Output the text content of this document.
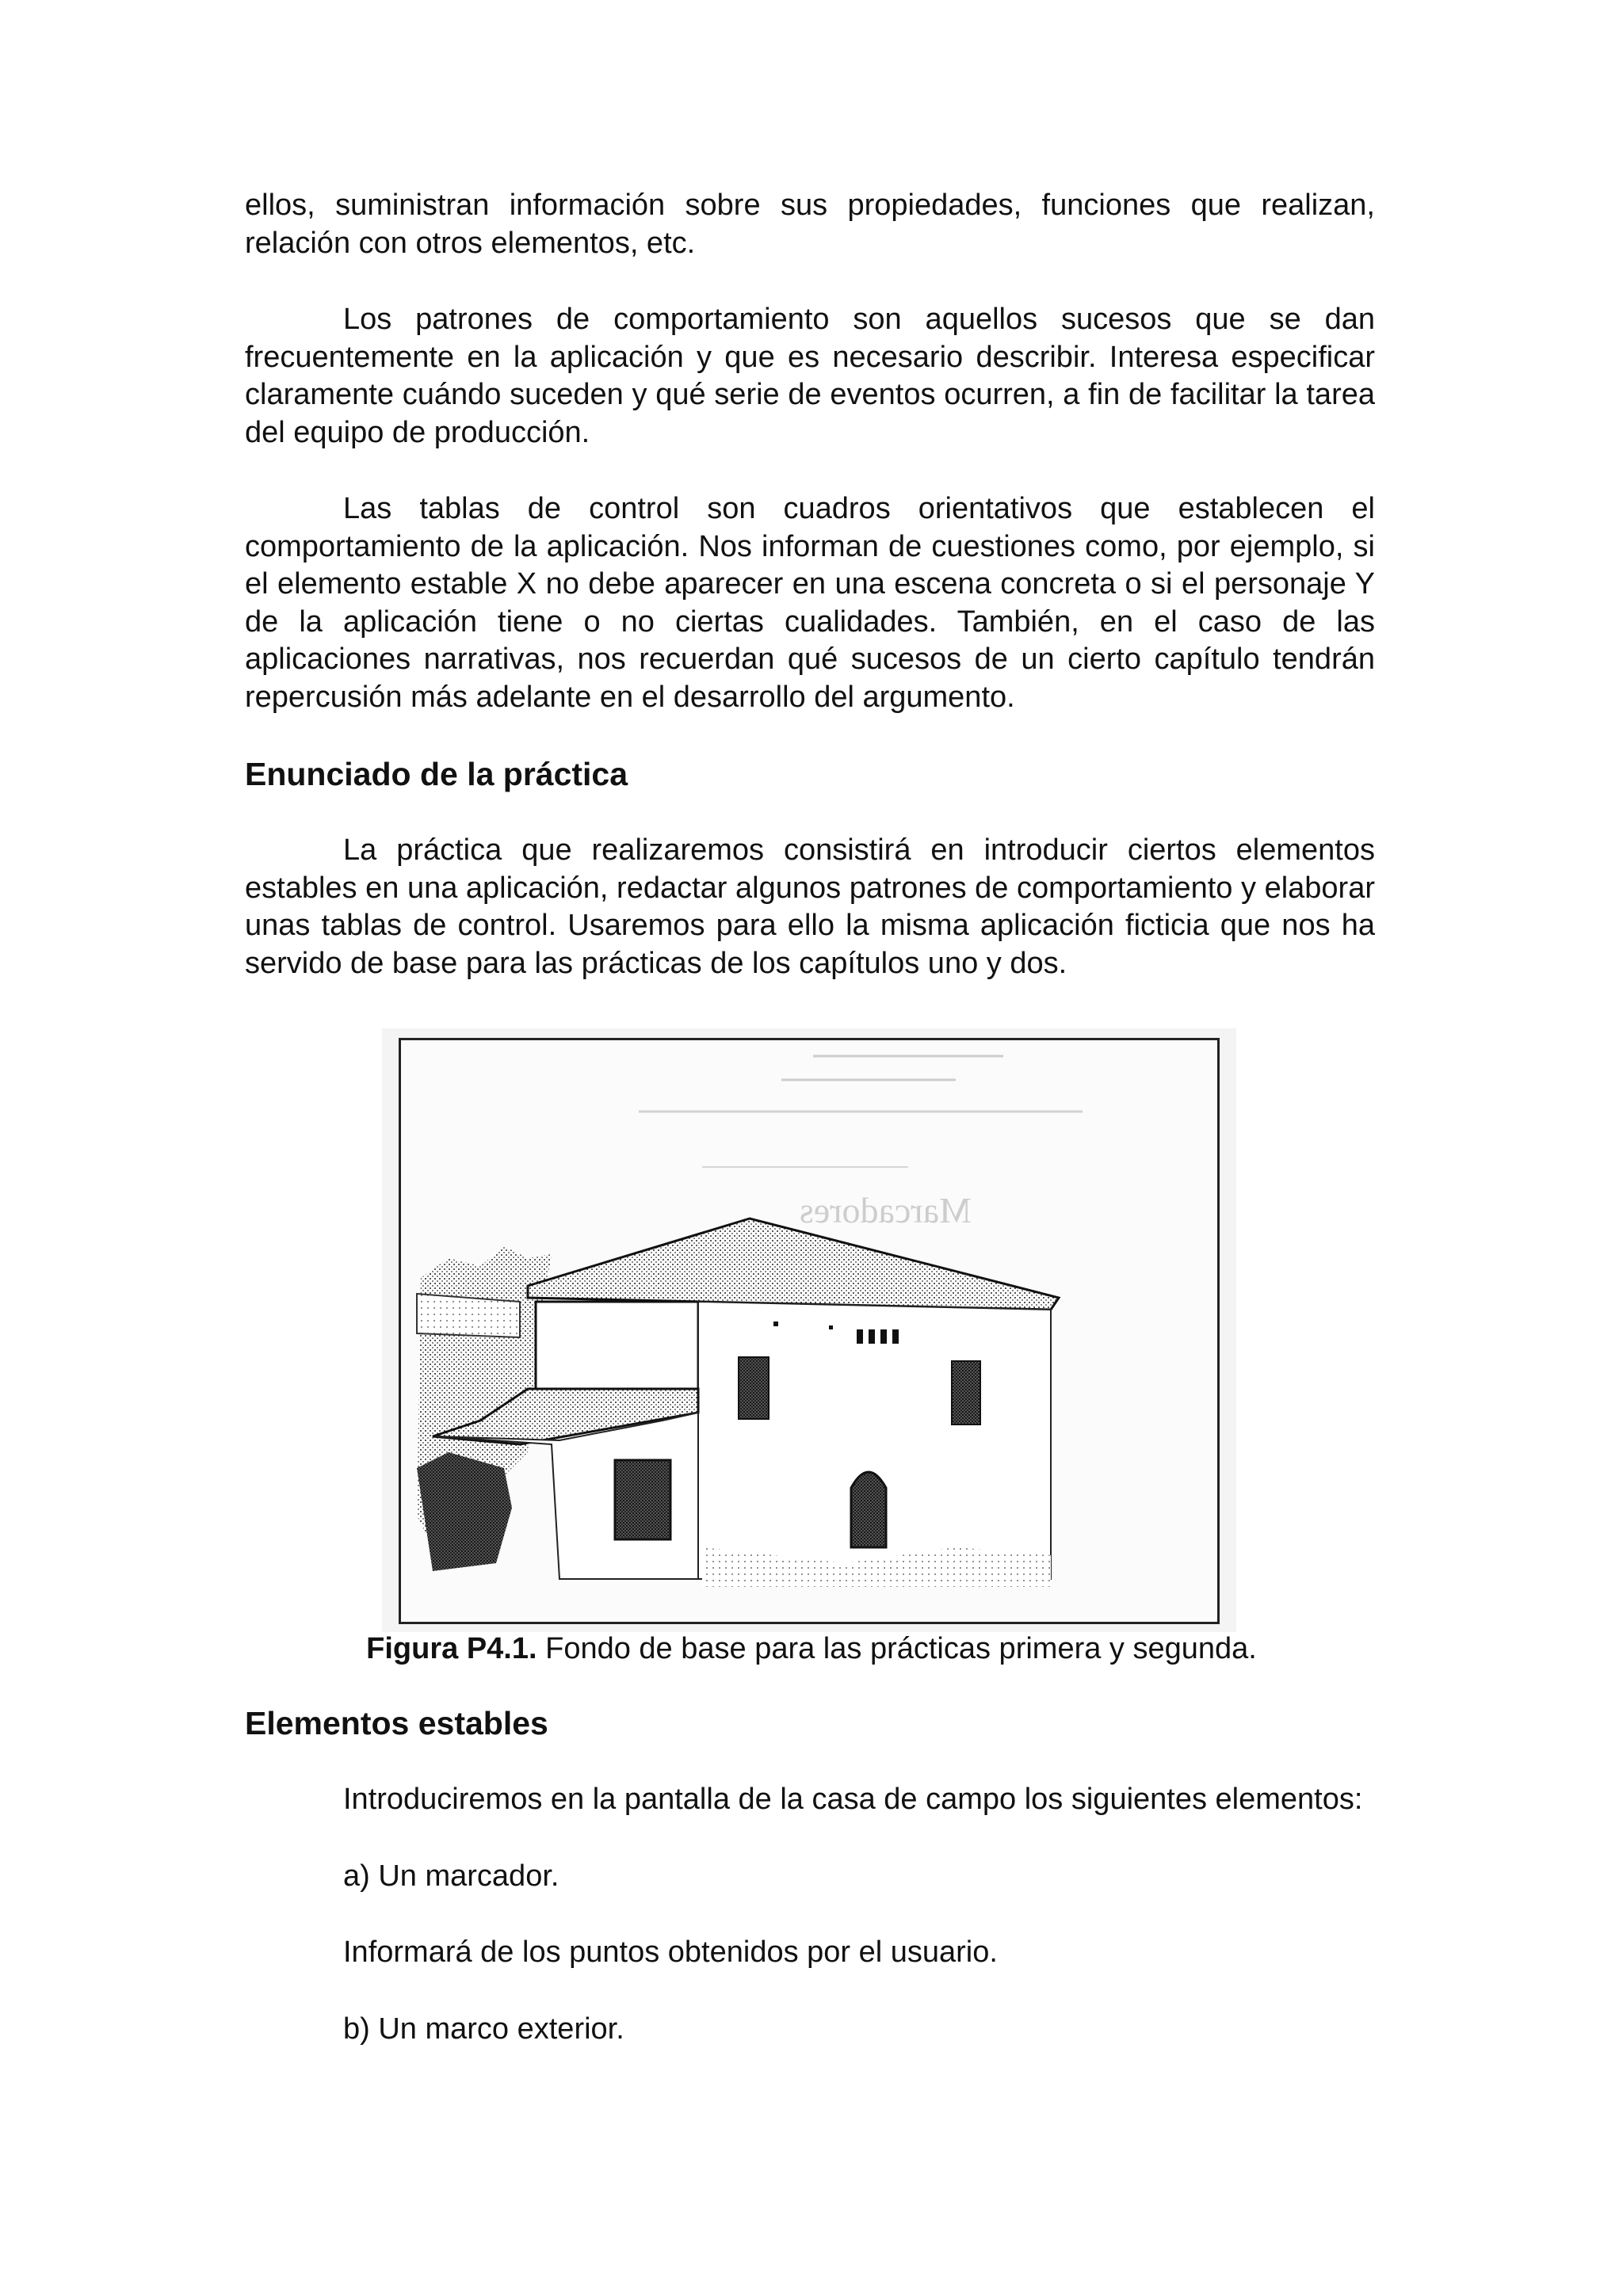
ellos, suministran información sobre sus propiedades, funciones que realizan, relación con otros elementos, etc.

Los patrones de comportamiento son aquellos sucesos que se dan frecuentemente en la aplicación y que es necesario describir. Interesa especificar claramente cuándo suceden y qué serie de eventos ocurren, a fin de facilitar la tarea del equipo de producción.

Las tablas de control son cuadros orientativos que establecen el comportamiento de la aplicación. Nos informan de cuestiones como, por ejemplo, si el elemento estable X no debe aparecer en una escena concreta o si el personaje Y de la aplicación tiene o no ciertas cualidades. También, en el caso de las aplicaciones narrativas, nos recuerdan qué sucesos de un cierto capítulo tendrán repercusión más adelante en el desarrollo del argumento.

Enunciado de la práctica

La práctica que realizaremos consistirá en introducir ciertos elementos estables en una aplicación, redactar algunos patrones de comportamiento y elaborar unas tablas de control. Usaremos para ello la misma aplicación ficticia que nos ha servido de base para las prácticas de los capítulos uno y dos.

Marcadores
Figura P4.1. Fondo de base para las prácticas primera y segunda.
Elementos estables

Introduciremos en la pantalla de la casa de campo los siguientes elementos:

a) Un marcador.

Informará de los puntos obtenidos por el usuario.

b) Un marco exterior.
